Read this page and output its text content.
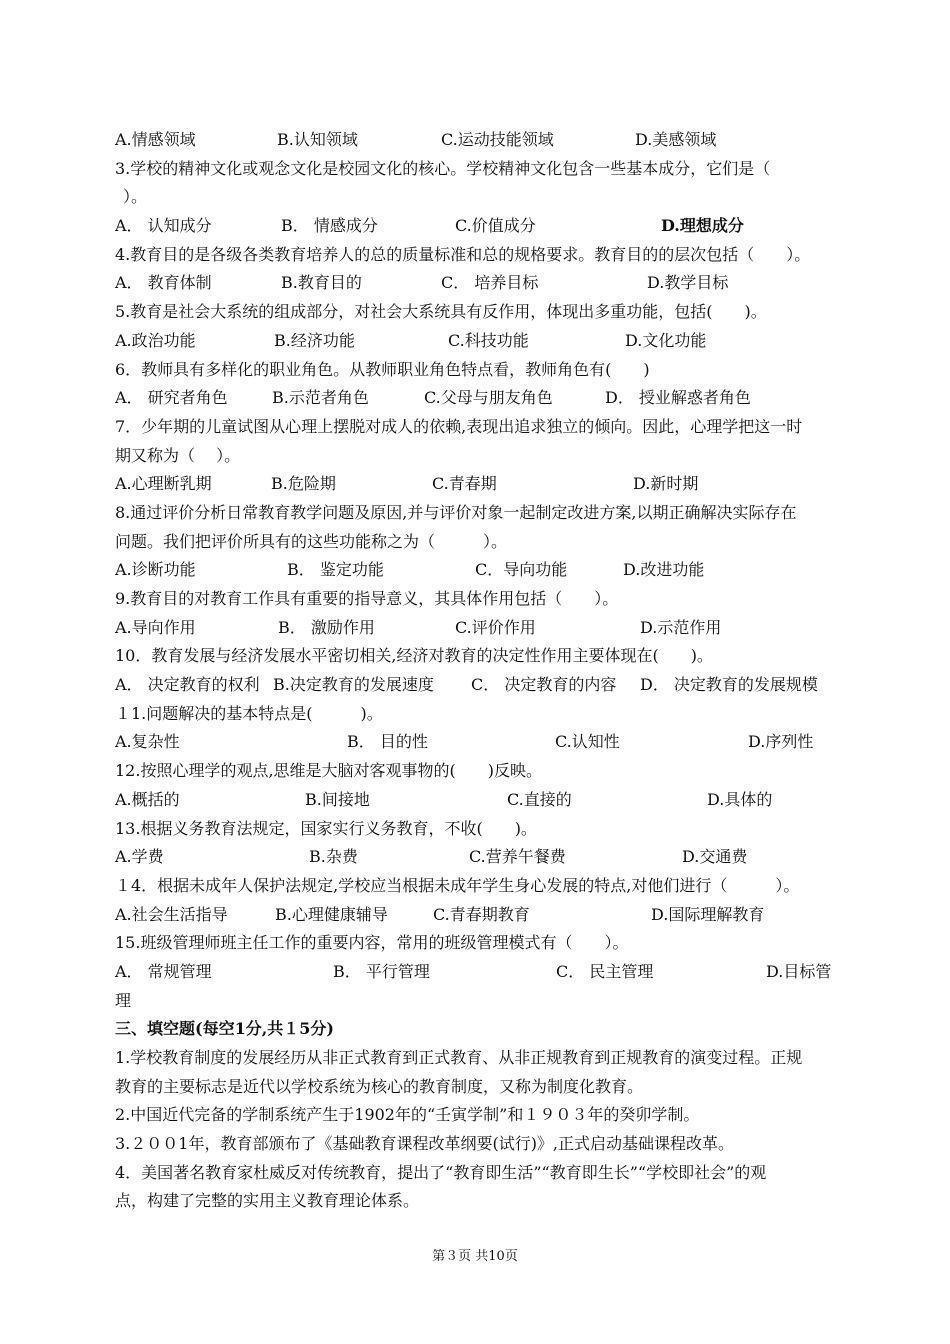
A.情感领域	B.认知领域	C.运动技能领域	D.美感领域
3.学校的精神文化或观念文化是校园文化的核心。学校精神文化包含一些基本成分，它们是（
）。
A． 认知成分	B． 情感成分	C.价值成分	D.理想成分
4.教育目的是各级各类教育培养人的总的质量标准和总的规格要求。教育目的的层次包括（　　）。
A． 教育体制	B.教育目的	C． 培养目标	D.教学目标
5.教育是社会大系统的组成部分，对社会大系统具有反作用，体现出多重功能，包括(　　)。
A.政治功能	B.经济功能	C.科技功能	D.文化功能
6．教师具有多样化的职业角色。从教师职业角色特点看，教师角色有(　　)
A． 研究者角色	B.示范者角色	C.父母与朋友角色	D． 授业解惑者角色
7．少年期的儿童试图从心理上摆脱对成人的依赖,表现出追求独立的倾向。因此，心理学把这一时
期又称为（　 ）。
A.心理断乳期	B.危险期	C.青春期	D.新时期
8.通过评价分析日常教育教学问题及原因,并与评价对象一起制定改进方案,以期正确解决实际存在
问题。我们把评价所具有的这些功能称之为（　　　）。
A.诊断功能	B． 鉴定功能	C．导向功能	D.改进功能
9.教育目的对教育工作具有重要的指导意义，其具体作用包括（　　）。
A.导向作用	B． 激励作用	C.评价作用	D.示范作用
10．教育发展与经济发展水平密切相关,经济对教育的决定性作用主要体现在(　　)。
A． 决定教育的权利 B.决定教育的发展速度	C． 决定教育的内容	D． 决定教育的发展规模
１1.问题解决的基本特点是(　　　)。
A.复杂性	B． 目的性	C.认知性	D.序列性
12.按照心理学的观点,思维是大脑对客观事物的(　　)反映。
A.概括的	B.间接地	C.直接的	D.具体的
13.根据义务教育法规定，国家实行义务教育，不收(　　)。
A.学费	B.杂费	C.营养午餐费	D.交通费
１4．根据未成年人保护法规定,学校应当根据未成年学生身心发展的特点,对他们进行（　　　）。
A.社会生活指导	B.心理健康辅导	C.青春期教育	D.国际理解教育
15.班级管理师班主任工作的重要内容，常用的班级管理模式有（　　）。
A． 常规管理	B． 平行管理	C． 民主管理	D.目标管
理
三、填空题(每空1分,共１5分)
1.学校教育制度的发展经历从非正式教育到正式教育、从非正规教育到正规教育的演变过程。正规
教育的主要标志是近代以学校系统为核心的教育制度，又称为制度化教育。
2.中国近代完备的学制系统产生于1902年的“壬寅学制”和１９０３年的癸卯学制。
3.２００1年，教育部颁布了《基础教育课程改革纲要(试行)》,正式启动基础课程改革。
4．美国著名教育家杜威反对传统教育，提出了“教育即生活”“教育即生长”“学校即社会”的观
点，构建了完整的实用主义教育理论体系。
第３页 共10页
